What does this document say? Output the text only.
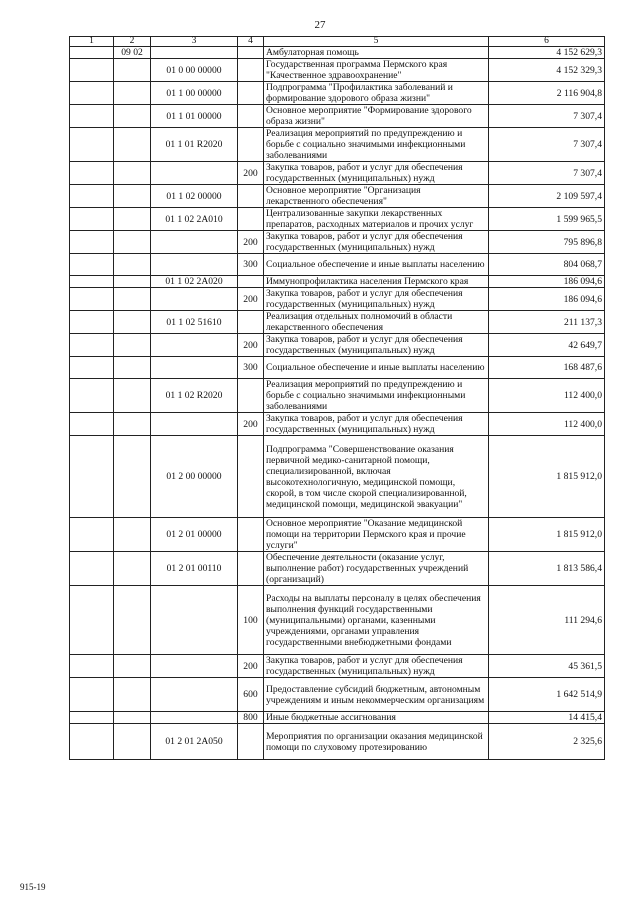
27
1	2	3	4	5	6
	09 02			Амбулаторная помощь	4 152 629,3
		01 0 00 00000		Государственная программа Пермского края "Качественное здравоохранение"	4 152 329,3
		01 1 00 00000		Подпрограмма "Профилактика заболеваний и формирование здорового образа жизни"	2 116 904,8
		01 1 01 00000		Основное мероприятие "Формирование здорового образа жизни"	7 307,4
		01 1 01 R2020		Реализация мероприятий по предупреждению и борьбе с социально значимыми инфекционными заболеваниями	7 307,4
			200	Закупка товаров, работ и услуг для обеспечения государственных (муниципальных) нужд	7 307,4
		01 1 02 00000		Основное мероприятие "Организация лекарственного обеспечения"	2 109 597,4
		01 1 02 2А010		Централизованные закупки лекарственных препаратов, расходных материалов и прочих услуг	1 599 965,5
			200	Закупка товаров, работ и услуг для обеспечения государственных (муниципальных) нужд	795 896,8
			300	Социальное обеспечение и иные выплаты населению	804 068,7
		01 1 02 2А020		Иммунопрофилактика населения Пермского края	186 094,6
			200	Закупка товаров, работ и услуг для обеспечения государственных (муниципальных) нужд	186 094,6
		01 1 02 51610		Реализация отдельных полномочий в области лекарственного обеспечения	211 137,3
			200	Закупка товаров, работ и услуг для обеспечения государственных (муниципальных) нужд	42 649,7
			300	Социальное обеспечение и иные выплаты населению	168 487,6
		01 1 02 R2020		Реализация мероприятий по предупреждению и борьбе с социально значимыми инфекционными заболеваниями	112 400,0
			200	Закупка товаров, работ и услуг для обеспечения государственных (муниципальных) нужд	112 400,0
		01 2 00 00000		Подпрограмма "Совершенствование оказания первичной медико-санитарной помощи, специализированной, включая высокотехнологичную, медицинской помощи, скорой, в том числе скорой специализированной, медицинской помощи, медицинской эвакуации"	1 815 912,0
		01 2 01 00000		Основное мероприятие "Оказание медицинской помощи на территории Пермского края и прочие услуги"	1 815 912,0
		01 2 01 00110		Обеспечение деятельности (оказание услуг, выполнение работ) государственных учреждений (организаций)	1 813 586,4
			100	Расходы на выплаты персоналу в целях обеспечения выполнения функций государственными (муниципальными) органами, казенными учреждениями, органами управления государственными внебюджетными фондами	111 294,6
			200	Закупка товаров, работ и услуг для обеспечения государственных (муниципальных) нужд	45 361,5
			600	Предоставление субсидий бюджетным, автономным учреждениям и иным некоммерческим организациям	1 642 514,9
			800	Иные бюджетные ассигнования	14 415,4
		01 2 01 2А050		Мероприятия по организации оказания медицинской помощи по слуховому протезированию	2 325,6
915-19
